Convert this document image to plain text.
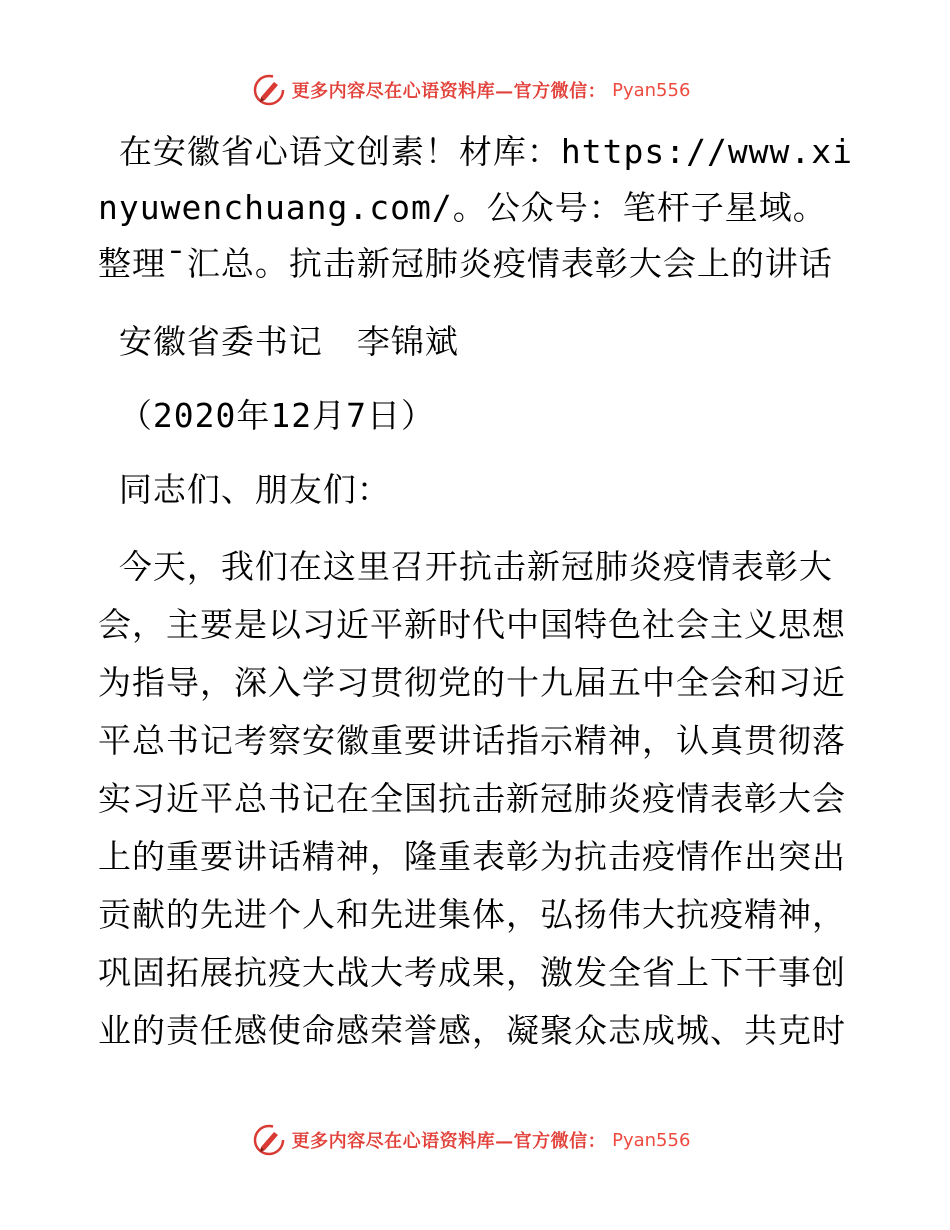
更多内容尽在心语资料库—官方微信： Pyan556

在安徽省心语文创素！材库：https://www.xinyuwenchuang.com/。公众号：笔杆子星域。整理¯汇总。抗击新冠肺炎疫情表彰大会上的讲话

安徽省委书记　李锦斌

（2020年12月7日）

同志们、朋友们：

今天，我们在这里召开抗击新冠肺炎疫情表彰大会，主要是以习近平新时代中国特色社会主义思想为指导，深入学习贯彻党的十九届五中全会和习近平总书记考察安徽重要讲话指示精神，认真贯彻落实习近平总书记在全国抗击新冠肺炎疫情表彰大会上的重要讲话精神，隆重表彰为抗击疫情作出突出贡献的先进个人和先进集体，弘扬伟大抗疫精神，巩固拓展抗疫大战大考成果，激发全省上下干事创业的责任感使命感荣誉感，凝聚众志成城、共克时

更多内容尽在心语资料库—官方微信： Pyan556
